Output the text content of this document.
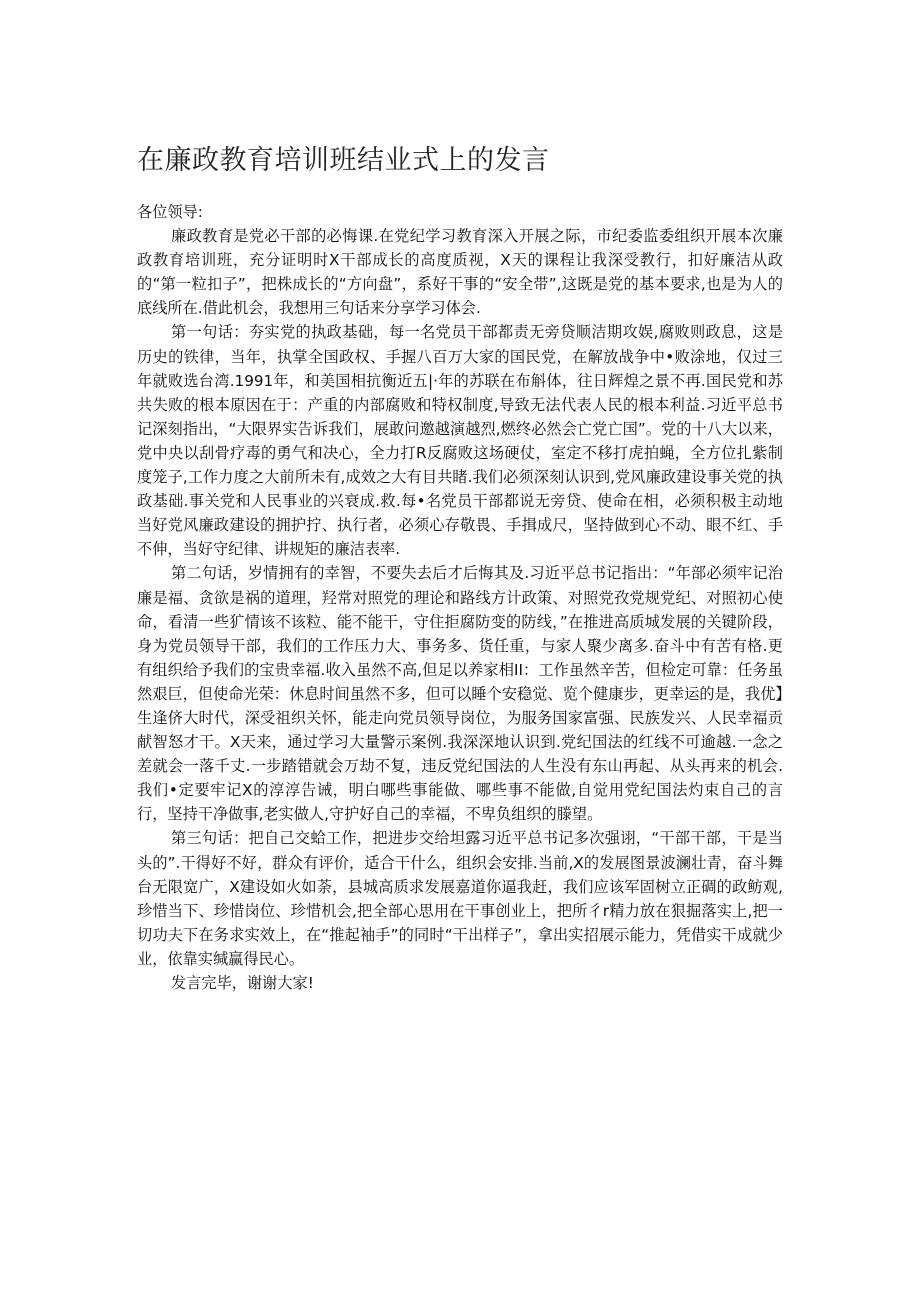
在廉政教育培训班结业式上的发言

各位领导:

廉政教育是党必干部的必悔课.在党纪学习教育深入开展之际，市纪委监委组织开展本次廉政教育培训班，充分证明时X干部成长的高度质视，X天的课程让我深受教行，扣好廉洁从政的“第一粒扣子”，把株成长的“方向盘”，系好干事的“安全带”,这既是党的基本要求,也是为人的底线所在.借此机会，我想用三句话来分享学习体会.

第一句话：夯实党的执政基础，每一名党员干部都责无旁贷顺洁期攻娱,腐败则政息，这是历史的铁律，当年，执掌全国政权、手握八百万大家的国民党，在解放战争中•败涂地，仅过三年就败选台湾.1991年，和美国相抗衡近五|·年的苏联在布斛体，往日辉煌之景不再.国民党和苏共失败的根本原因在于：产重的内部腐败和特权制度,导致无法代表人民的根本利益.习近平总书记深刻指出，“大限界实告诉我们，展敢问邀越演越烈,燃终必然会亡党亡国”。党的十八大以来，党中央以刮骨疗毒的勇气和决心，全力打R反腐败这场硬仗，室定不移打虎拍蝇，全方位扎紫制度笼子,工作力度之大前所未有,成效之大有目共睹.我们必须深刻认识到,党风廉政建设事关党的执政基础.事关党和人民事业的兴衰成.救.每•名党员干部都说无旁贷、使命在相，必须积极主动地当好党风廉政建设的拥护拧、执行者，必须心存敬畏、手揖成尺，坚持做到心不动、眼不红、手不伸，当好守纪律、讲规矩的廉洁表率.

第二句话，岁情拥有的幸智，不要失去后才后悔其及.习近平总书记指出：“年部必须牢记治廉是福、贪欲是祸的道理，羟常对照党的理论和路线方计政策、对照党孜党规党纪、对照初心使命，看清一些犷情该不该粒、能不能干，守住拒腐防变的防线，”在推进高质城发展的关键阶段，身为党员领导干部，我们的工作压力大、事务多、货任重，与家人聚少离多.奋斗中有苦有格.更有组织给予我们的宝贵幸福.收入虽然不高,但足以养家相II：工作虽然辛苦，但检定可靠：任务虽然艰巨，但使命光荣：休息时间虽然不多，但可以睡个安稳觉、览个健康步，更幸运的是，我优】生逢侪大时代，深受祖织关怀，能走向党员领导岗位，为服务国家富强、民族发兴、人民幸福贡献智怒才干。X天来，通过学习大量警示案例.我深深地认识到.党纪国法的红线不可逾越.一念之差就会一落千丈.一步踏错就会万劫不复，违反党纪国法的人生没有东山再起、从头再来的机会.我们•定要牢记X的淳淳告诫，明白哪些事能做、哪些事不能做,自觉用党纪国法灼束自己的言行，坚持干净做事,老实做人,守护好自己的幸福，不卑负组织的滕望。

第三句话：把自己交蛤工作，把进步交给坦露习近平总书记多次强诩，“干部干部，干是当头的”.干得好不好，群众有评价，适合干什么，组织会安排.当前,X的发展图景波澜壮青，奋斗舞台无限宽广，X建设如火如荼，县城高质求发展嘉道你逼我赶，我们应该军固树立正碉的政鲂观,珍惜当下、珍惜岗位、珍惜机会,把全部心思用在干事创业上，把所彳r精力放在狠掘落实上,把一切功夫下在务求实效上，在“推起袖手”的同时“干出样子”，拿出实招展示能力，凭借实干成就少业，依靠实缄赢得民心。

发言完毕，谢谢大家!
